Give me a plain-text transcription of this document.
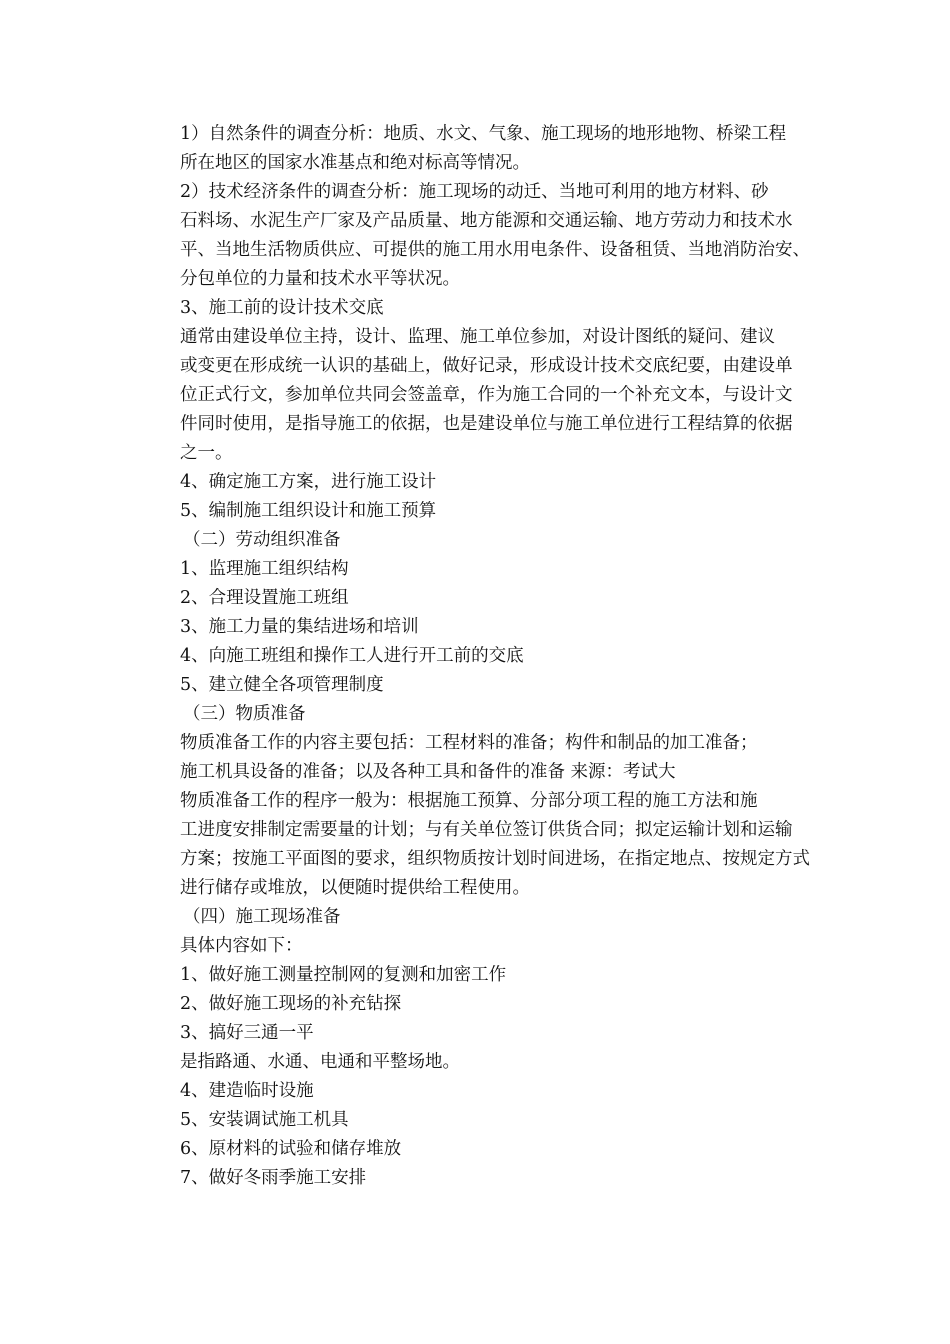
1）自然条件的调查分析：地质、水文、气象、施工现场的地形地物、桥梁工程
所在地区的国家水准基点和绝对标高等情况。

2）技术经济条件的调查分析：施工现场的动迁、当地可利用的地方材料、砂
石料场、水泥生产厂家及产品质量、地方能源和交通运输、地方劳动力和技术水
平、当地生活物质供应、可提供的施工用水用电条件、设备租赁、当地消防治安、
分包单位的力量和技术水平等状况。

3、施工前的设计技术交底

通常由建设单位主持，设计、监理、施工单位参加，对设计图纸的疑问、建议
或变更在形成统一认识的基础上，做好记录，形成设计技术交底纪要，由建设单
位正式行文，参加单位共同会签盖章，作为施工合同的一个补充文本，与设计文
件同时使用，是指导施工的依据，也是建设单位与施工单位进行工程结算的依据
之一。

4、确定施工方案，进行施工设计

5、编制施工组织设计和施工预算

（二）劳动组织准备

1、监理施工组织结构

2、合理设置施工班组

3、施工力量的集结进场和培训

4、向施工班组和操作工人进行开工前的交底

5、建立健全各项管理制度

（三）物质准备

物质准备工作的内容主要包括：工程材料的准备；构件和制品的加工准备；
施工机具设备的准备；以及各种工具和备件的准备 来源：考试大

物质准备工作的程序一般为：根据施工预算、分部分项工程的施工方法和施
工进度安排制定需要量的计划；与有关单位签订供货合同；拟定运输计划和运输
方案；按施工平面图的要求，组织物质按计划时间进场，在指定地点、按规定方式
进行储存或堆放，以便随时提供给工程使用。

（四）施工现场准备

具体内容如下：

1、做好施工测量控制网的复测和加密工作

2、做好施工现场的补充钻探

3、搞好三通一平

是指路通、水通、电通和平整场地。

4、建造临时设施

5、安装调试施工机具

6、原材料的试验和储存堆放

7、做好冬雨季施工安排
